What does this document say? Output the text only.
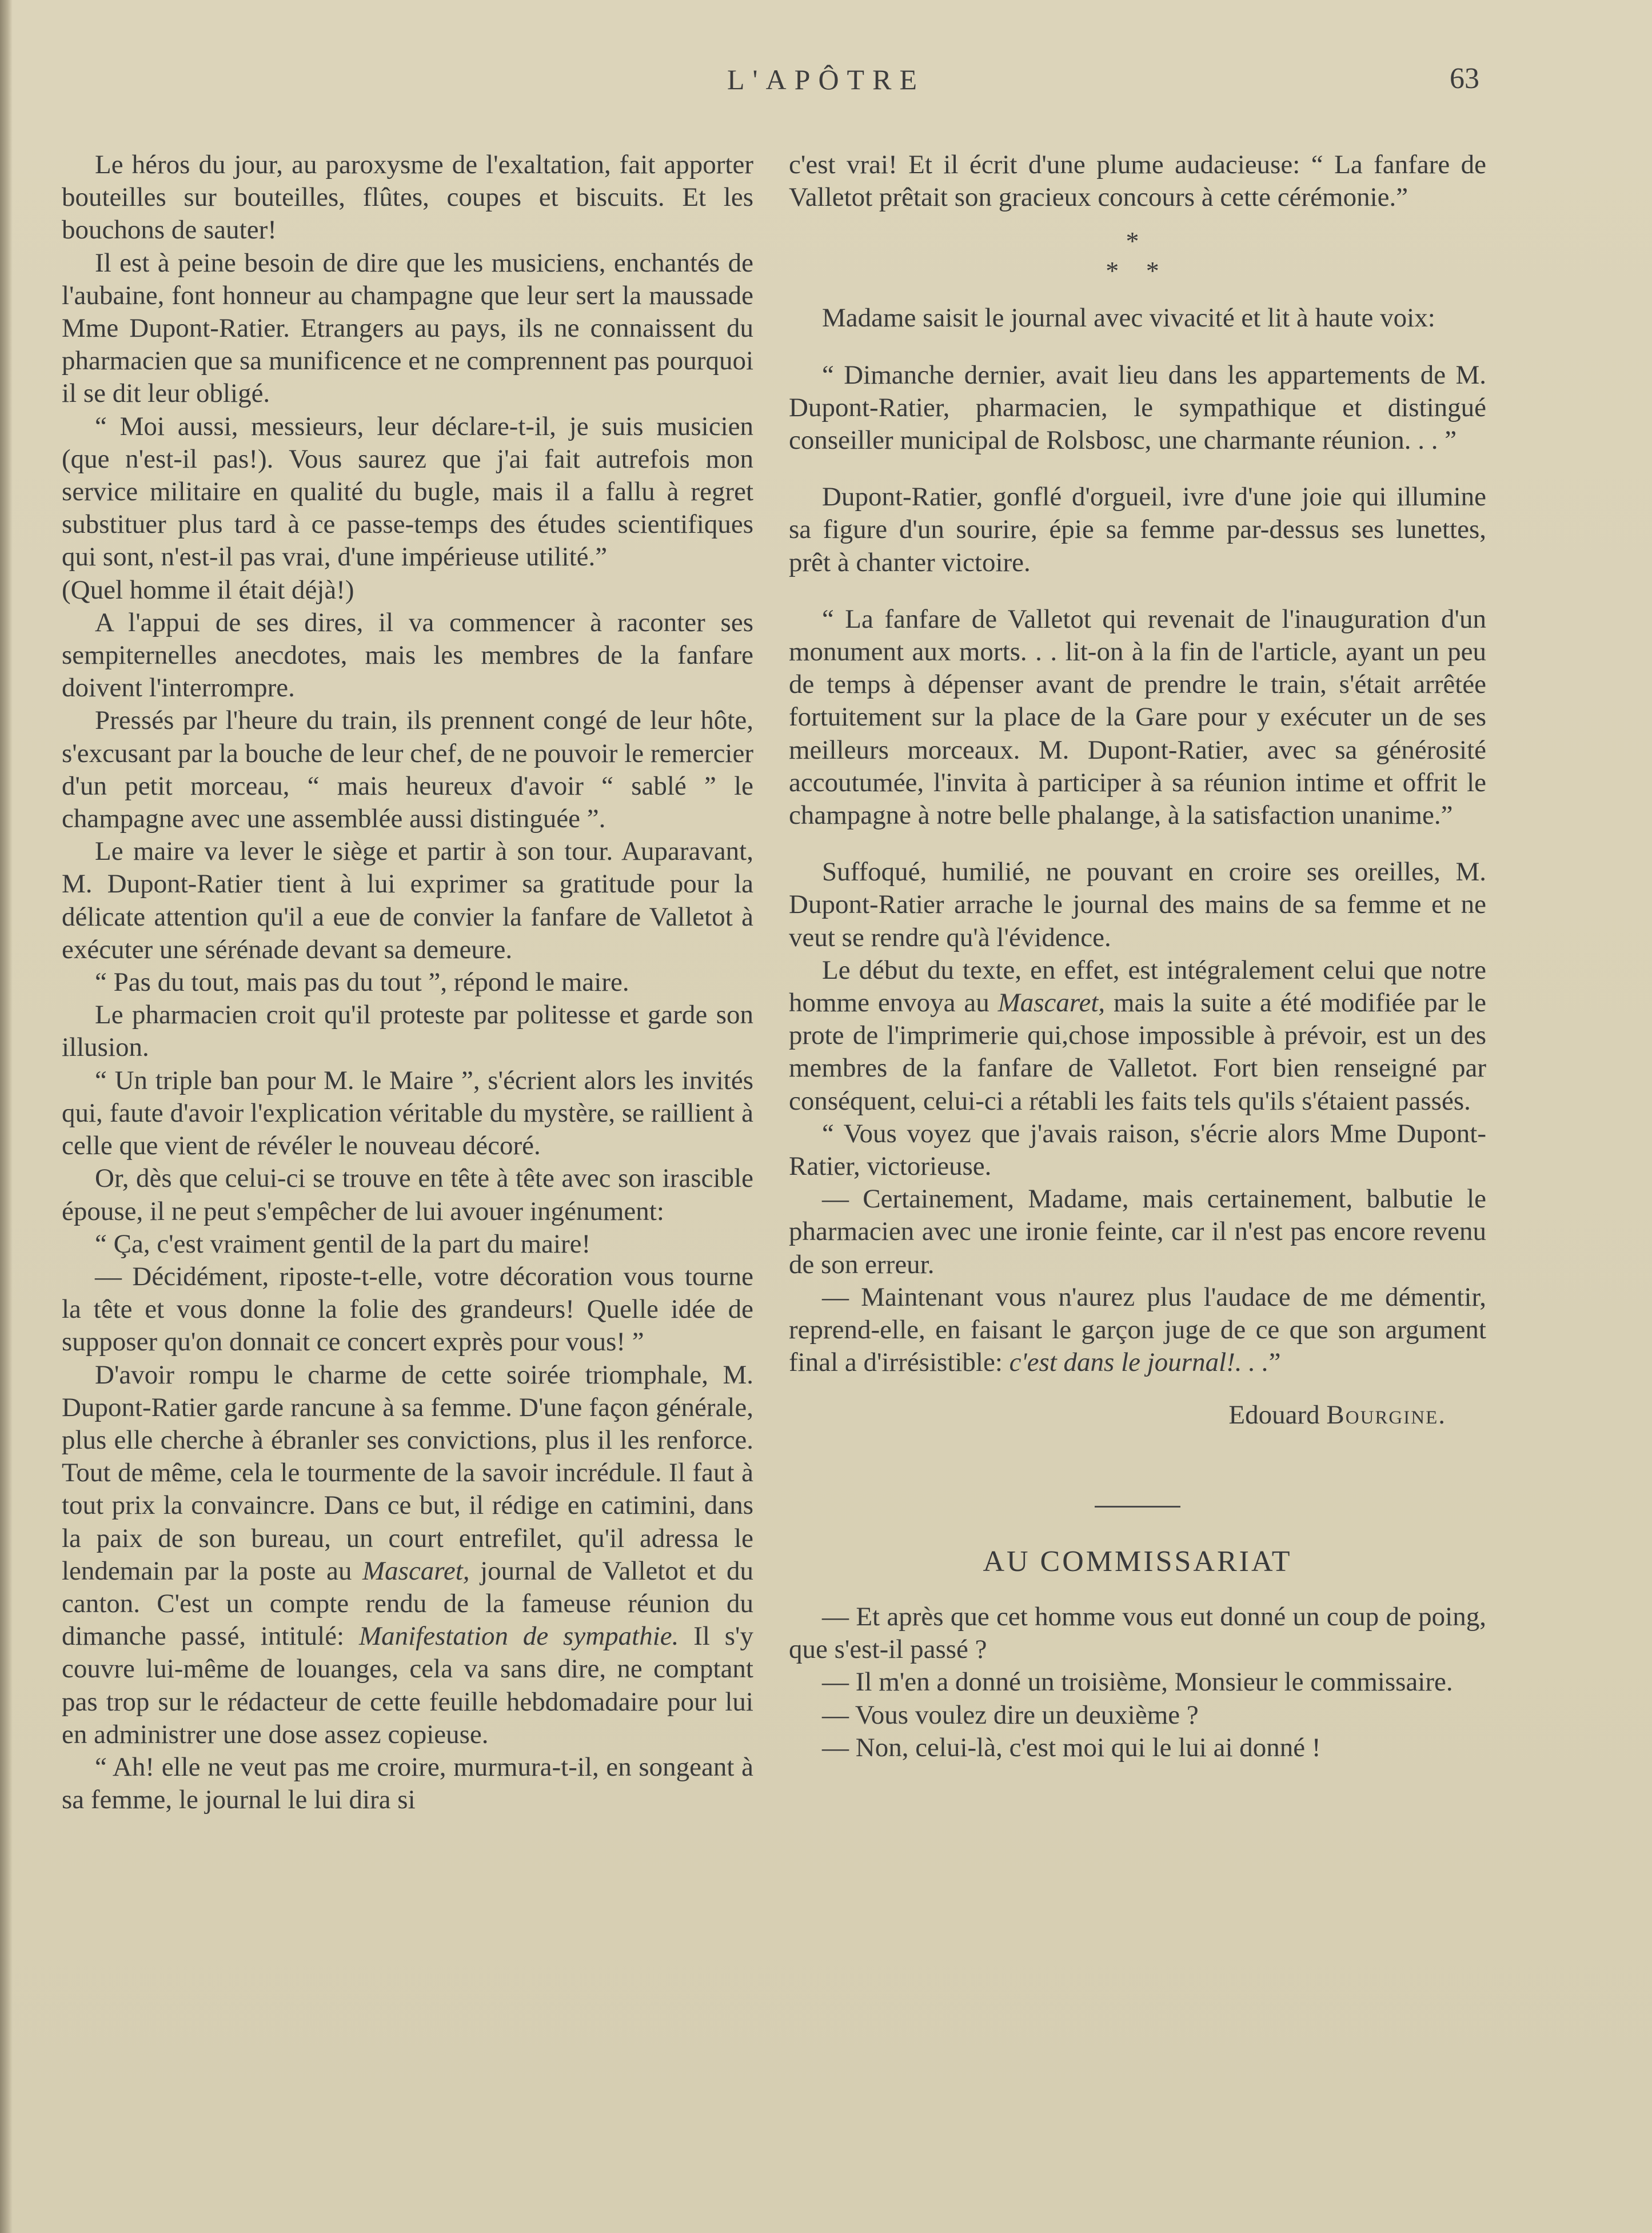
L'APÔTRE	63

Le héros du jour, au paroxysme de l'exaltation, fait apporter bouteilles sur bouteilles, flûtes, coupes et biscuits. Et les bouchons de sauter!

Il est à peine besoin de dire que les musiciens, enchantés de l'aubaine, font honneur au champagne que leur sert la maussade Mme Dupont-Ratier. Etrangers au pays, ils ne connaissent du pharmacien que sa munificence et ne comprennent pas pourquoi il se dit leur obligé.

“ Moi aussi, messieurs, leur déclare-t-il, je suis musicien (que n'est-il pas!). Vous saurez que j'ai fait autrefois mon service militaire en qualité du bugle, mais il a fallu à regret substituer plus tard à ce passe-temps des études scientifiques qui sont, n'est-il pas vrai, d'une impérieuse utilité.”

(Quel homme il était déjà!)

A l'appui de ses dires, il va commencer à raconter ses sempiternelles anecdotes, mais les membres de la fanfare doivent l'interrompre.

Pressés par l'heure du train, ils prennent congé de leur hôte, s'excusant par la bouche de leur chef, de ne pouvoir le remercier d'un petit morceau, “ mais heureux d'avoir “ sablé ” le champagne avec une assemblée aussi distinguée ”.

Le maire va lever le siège et partir à son tour. Auparavant, M. Dupont-Ratier tient à lui exprimer sa gratitude pour la délicate attention qu'il a eue de convier la fanfare de Valletot à exécuter une sérénade devant sa demeure.

“ Pas du tout, mais pas du tout ”, répond le maire.

Le pharmacien croit qu'il proteste par politesse et garde son illusion.

“ Un triple ban pour M. le Maire ”, s'écrient alors les invités qui, faute d'avoir l'explication véritable du mystère, se raillient à celle que vient de révéler le nouveau décoré.

Or, dès que celui-ci se trouve en tête à tête avec son irascible épouse, il ne peut s'empêcher de lui avouer ingénument:

“ Ça, c'est vraiment gentil de la part du maire!

— Décidément, riposte-t-elle, votre décoration vous tourne la tête et vous donne la folie des grandeurs! Quelle idée de supposer qu'on donnait ce concert exprès pour vous! ”

D'avoir rompu le charme de cette soirée triomphale, M. Dupont-Ratier garde rancune à sa femme. D'une façon générale, plus elle cherche à ébranler ses convictions, plus il les renforce. Tout de même, cela le tourmente de la savoir incrédule. Il faut à tout prix la convaincre. Dans ce but, il rédige en catimini, dans la paix de son bureau, un court entrefilet, qu'il adressa le lendemain par la poste au Mascaret, journal de Valletot et du canton. C'est un compte rendu de la fameuse réunion du dimanche passé, intitulé: Manifestation de sympathie. Il s'y couvre lui-même de louanges, cela va sans dire, ne comptant pas trop sur le rédacteur de cette feuille hebdomadaire pour lui en administrer une dose assez copieuse.

“ Ah! elle ne veut pas me croire, murmura-t-il, en songeant à sa femme, le journal le lui dira si

c'est vrai! Et il écrit d'une plume audacieuse: “ La fanfare de Valletot prêtait son gracieux concours à cette cérémonie.”

*
* *

Madame saisit le journal avec vivacité et lit à haute voix:

“ Dimanche dernier, avait lieu dans les appartements de M. Dupont-Ratier, pharmacien, le sympathique et distingué conseiller municipal de Rolsbosc, une charmante réunion. . . ”

Dupont-Ratier, gonflé d'orgueil, ivre d'une joie qui illumine sa figure d'un sourire, épie sa femme par-dessus ses lunettes, prêt à chanter victoire.

“ La fanfare de Valletot qui revenait de l'inauguration d'un monument aux morts. . . lit-on à la fin de l'article, ayant un peu de temps à dépenser avant de prendre le train, s'était arrêtée fortuitement sur la place de la Gare pour y exécuter un de ses meilleurs morceaux. M. Dupont-Ratier, avec sa générosité accoutumée, l'invita à participer à sa réunion intime et offrit le champagne à notre belle phalange, à la satisfaction unanime.”

Suffoqué, humilié, ne pouvant en croire ses oreilles, M. Dupont-Ratier arrache le journal des mains de sa femme et ne veut se rendre qu'à l'évidence.

Le début du texte, en effet, est intégralement celui que notre homme envoya au Mascaret, mais la suite a été modifiée par le prote de l'imprimerie qui,chose impossible à prévoir, est un des membres de la fanfare de Valletot. Fort bien renseigné par conséquent, celui-ci a rétabli les faits tels qu'ils s'étaient passés.

“ Vous voyez que j'avais raison, s'écrie alors Mme Dupont-Ratier, victorieuse.

— Certainement, Madame, mais certainement, balbutie le pharmacien avec une ironie feinte, car il n'est pas encore revenu de son erreur.

— Maintenant vous n'aurez plus l'audace de me démentir, reprend-elle, en faisant le garçon juge de ce que son argument final a d'irrésistible: c'est dans le journal!. . .”

Edouard Bourgine.
AU COMMISSARIAT

— Et après que cet homme vous eut donné un coup de poing, que s'est-il passé ?

— Il m'en a donné un troisième, Monsieur le commissaire.

— Vous voulez dire un deuxième ?

— Non, celui-là, c'est moi qui le lui ai donné !
